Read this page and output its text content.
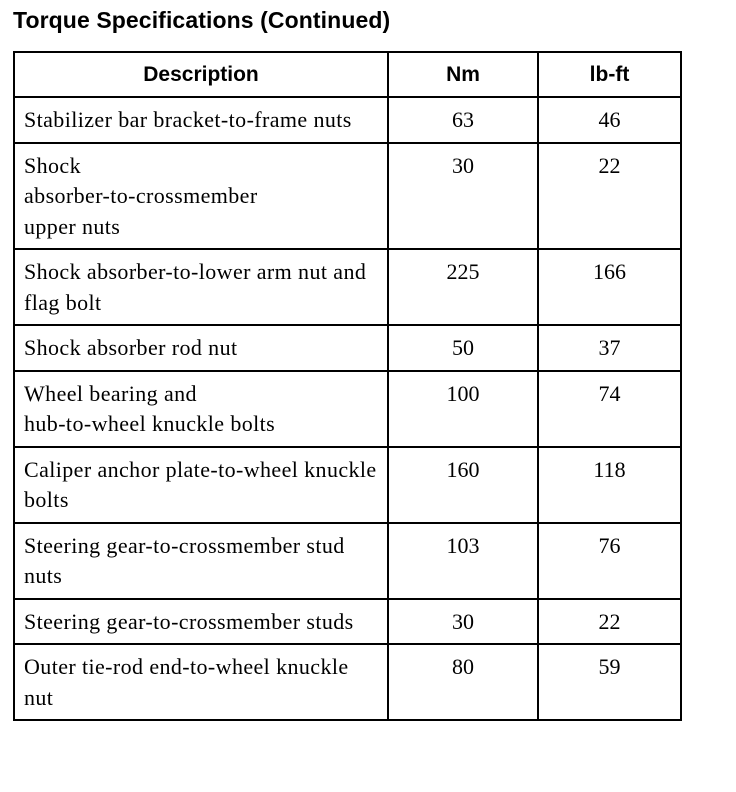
Torque Specifications (Continued)
Description	Nm	lb-ft
Stabilizer bar bracket-to-frame nuts	63	46
Shock
absorber-to-crossmember
upper nuts	30	22
Shock absorber-to-lower arm nut and flag bolt	225	166
Shock absorber rod nut	50	37
Wheel bearing and
hub-to-wheel knuckle bolts	100	74
Caliper anchor plate-to-wheel knuckle bolts	160	118
Steering gear-to-crossmember stud nuts	103	76
Steering gear-to-crossmember studs	30	22
Outer tie-rod end-to-wheel knuckle nut	80	59
